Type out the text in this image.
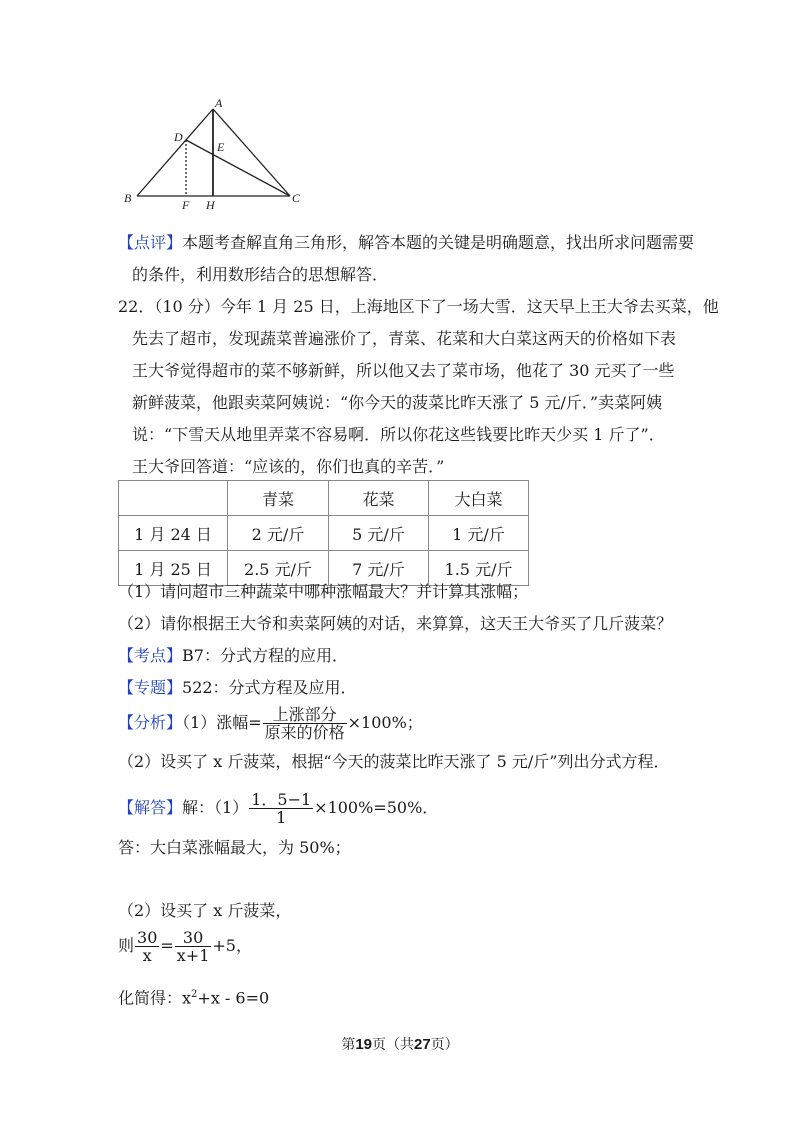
A
D
E
B	F H	C
【点评】本题考查解直角三角形，解答本题的关键是明确题意，找出所求问题需要
的条件，利用数形结合的思想解答．
22．（10 分）今年 1 月 25 日，上海地区下了一场大雪．这天早上王大爷去买菜，他
先去了超市，发现蔬菜普遍涨价了，青菜、花菜和大白菜这两天的价格如下表
王大爷觉得超市的菜不够新鲜，所以他又去了菜市场，他花了 30 元买了一些
新鲜菠菜，他跟卖菜阿姨说：“你今天的菠菜比昨天涨了 5 元/斤．”卖菜阿姨
说：“下雪天从地里弄菜不容易啊．所以你花这些钱要比昨天少买 1 斤了”．
王大爷回答道：“应该的，你们也真的辛苦．”
	青菜	花菜	大白菜
1 月 24 日	2 元/斤	5 元/斤	1 元/斤
1 月 25 日	2.5 元/斤	7 元/斤	1.5 元/斤
（1）请问超市三种蔬菜中哪种涨幅最大？并计算其涨幅；
（2）请你根据王大爷和卖菜阿姨的对话，来算算，这天王大爷买了几斤菠菜？
【考点】B7：分式方程的应用．
【专题】522：分式方程及应用．
【分析】（1）涨幅= $\frac{\text{上涨部分}}{\text{原来的价格}} \times 100\%$；
（2）设买了 x 斤菠菜，根据“今天的菠菜比昨天涨了 5 元/斤”列出分式方程．
【解答】解：$(1) \frac{1.5-1}{1} \times 100\%=50\%$．
答：大白菜涨幅最大，为 50%；
（2）设买了 x 斤菠菜，
则 $\frac{30}{x} = \frac{30}{x+1} +5$，
化简得：$x^2+x$ ‑ 6=0
第19页（共27页）
